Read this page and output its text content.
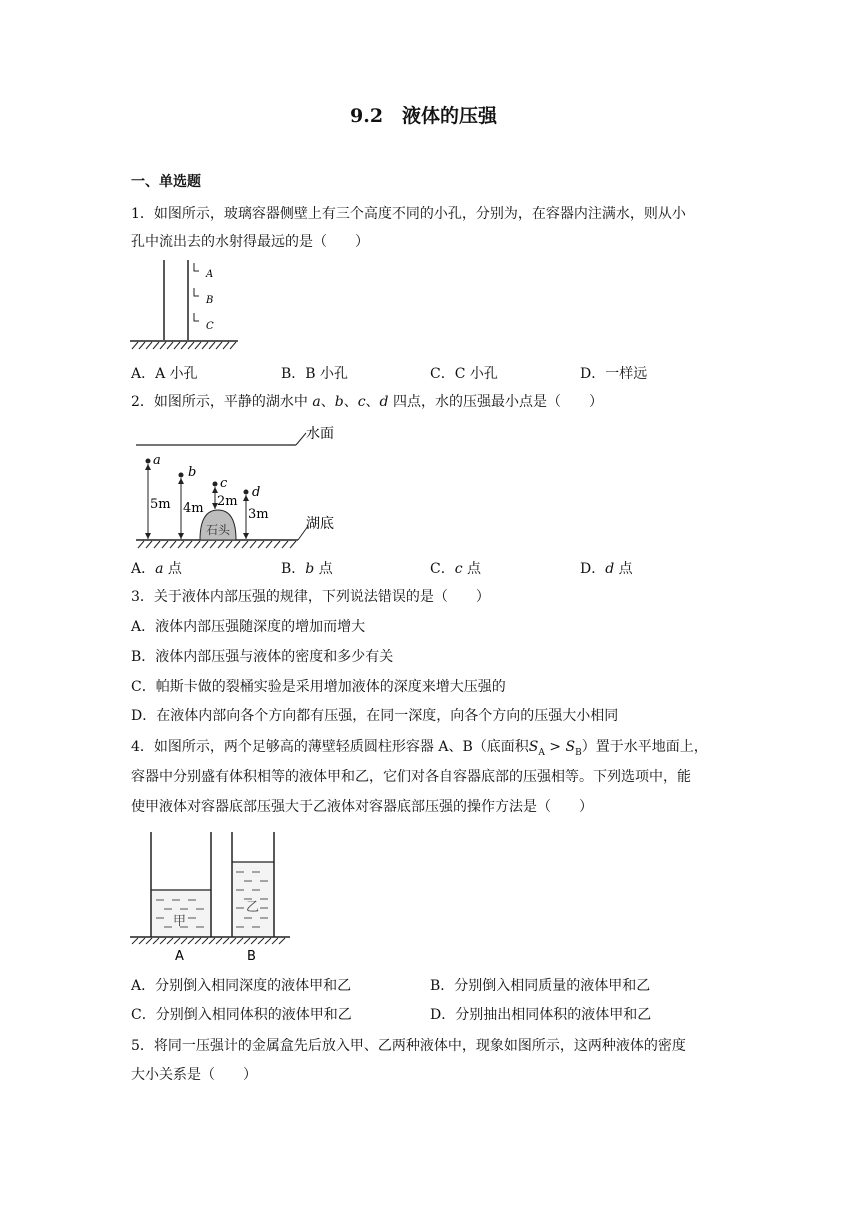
9.2　液体的压强
一、单选题
1．如图所示，玻璃容器侧壁上有三个高度不同的小孔，分别为，在容器内注满水，则从小
孔中流出去的水射得最远的是（　　）
A
B
C
A．A 小孔	B．B 小孔	C．C 小孔	D．一样远
2．如图所示，平静的湖水中 a、b、c、d 四点，水的压强最小点是（　　）
水面
湖底
石头
a
5m
b
4m
c
2m
d
3m
A．a 点	B．b 点	C．c 点	D．d 点
3．关于液体内部压强的规律，下列说法错误的是（　　）
A．液体内部压强随深度的增加而增大
B．液体内部压强与液体的密度和多少有关
C．帕斯卡做的裂桶实验是采用增加液体的深度来增大压强的
D．在液体内部向各个方向都有压强，在同一深度，向各个方向的压强大小相同
4．如图所示，两个足够高的薄壁轻质圆柱形容器 A、B（底面积$S_A > S_B$）置于水平地面上，
容器中分别盛有体积相等的液体甲和乙，它们对各自容器底部的压强相等。下列选项中，能
使甲液体对容器底部压强大于乙液体对容器底部压强的操作方法是（　　）
甲
乙
A	B
A．分别倒入相同深度的液体甲和乙	B．分别倒入相同质量的液体甲和乙
C．分别倒入相同体积的液体甲和乙	D．分别抽出相同体积的液体甲和乙
5．将同一压强计的金属盒先后放入甲、乙两种液体中，现象如图所示，这两种液体的密度
大小关系是（　　）
